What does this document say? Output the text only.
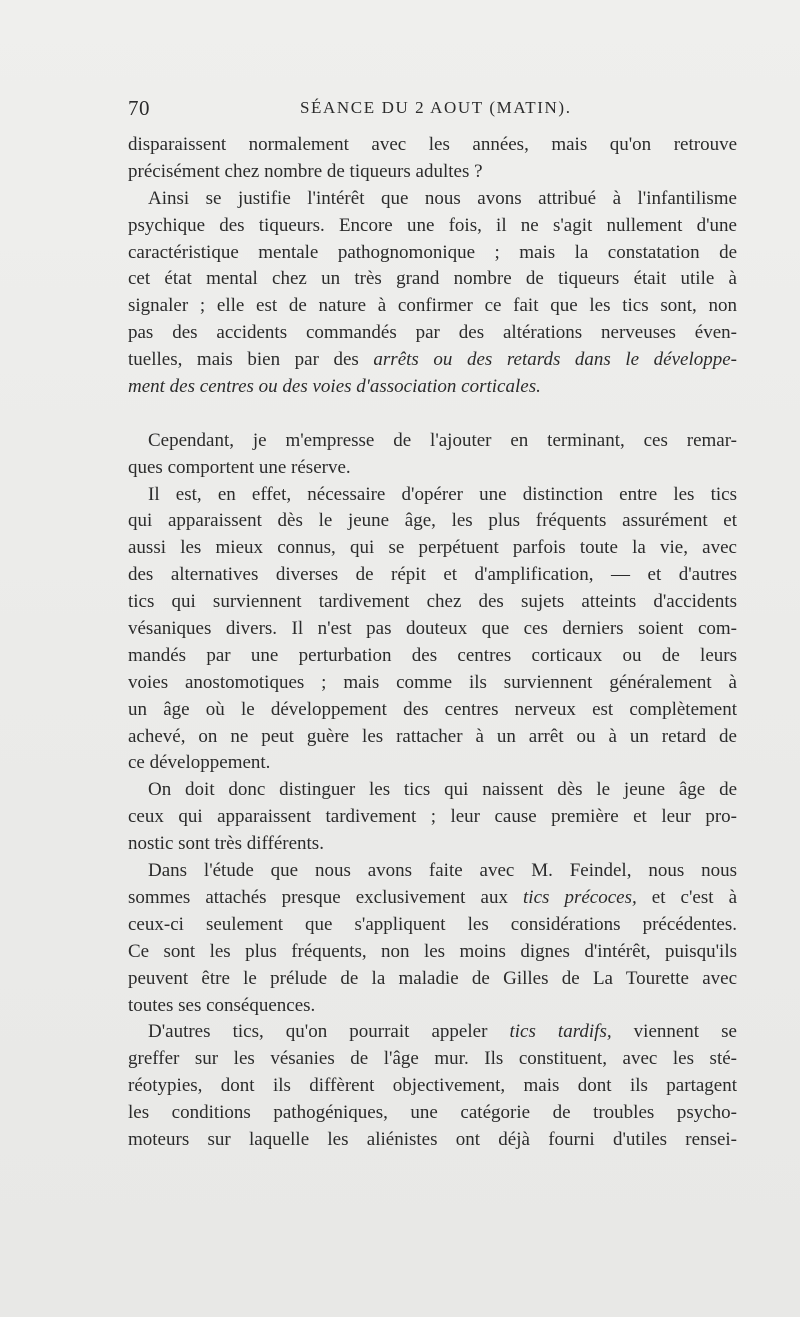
70	SÉANCE DU 2 AOUT (MATIN).
disparaissent normalement avec les années, mais qu'on retrouve
précisément chez nombre de tiqueurs adultes ?
Ainsi se justifie l'intérêt que nous avons attribué à l'infantilisme
psychique des tiqueurs. Encore une fois, il ne s'agit nullement d'une
caractéristique mentale pathognomonique ; mais la constatation de
cet état mental chez un très grand nombre de tiqueurs était utile à
signaler ; elle est de nature à confirmer ce fait que les tics sont, non
pas des accidents commandés par des altérations nerveuses éven-
tuelles, mais bien par des arrêts ou des retards dans le développe-
ment des centres ou des voies d'association corticales.
Cependant, je m'empresse de l'ajouter en terminant, ces remar-
ques comportent une réserve.
Il est, en effet, nécessaire d'opérer une distinction entre les tics
qui apparaissent dès le jeune âge, les plus fréquents assurément et
aussi les mieux connus, qui se perpétuent parfois toute la vie, avec
des alternatives diverses de répit et d'amplification, — et d'autres
tics qui surviennent tardivement chez des sujets atteints d'accidents
vésaniques divers. Il n'est pas douteux que ces derniers soient com-
mandés par une perturbation des centres corticaux ou de leurs
voies anostomotiques ; mais comme ils surviennent généralement à
un âge où le développement des centres nerveux est complètement
achevé, on ne peut guère les rattacher à un arrêt ou à un retard de
ce développement.
On doit donc distinguer les tics qui naissent dès le jeune âge de
ceux qui apparaissent tardivement ; leur cause première et leur pro-
nostic sont très différents.
Dans l'étude que nous avons faite avec M. Feindel, nous nous
sommes attachés presque exclusivement aux tics précoces, et c'est à
ceux-ci seulement que s'appliquent les considérations précédentes.
Ce sont les plus fréquents, non les moins dignes d'intérêt, puisqu'ils
peuvent être le prélude de la maladie de Gilles de La Tourette avec
toutes ses conséquences.
D'autres tics, qu'on pourrait appeler tics tardifs, viennent se
greffer sur les vésanies de l'âge mur. Ils constituent, avec les sté-
réotypies, dont ils diffèrent objectivement, mais dont ils partagent
les conditions pathogéniques, une catégorie de troubles psycho-
moteurs sur laquelle les aliénistes ont déjà fourni d'utiles rensei-
